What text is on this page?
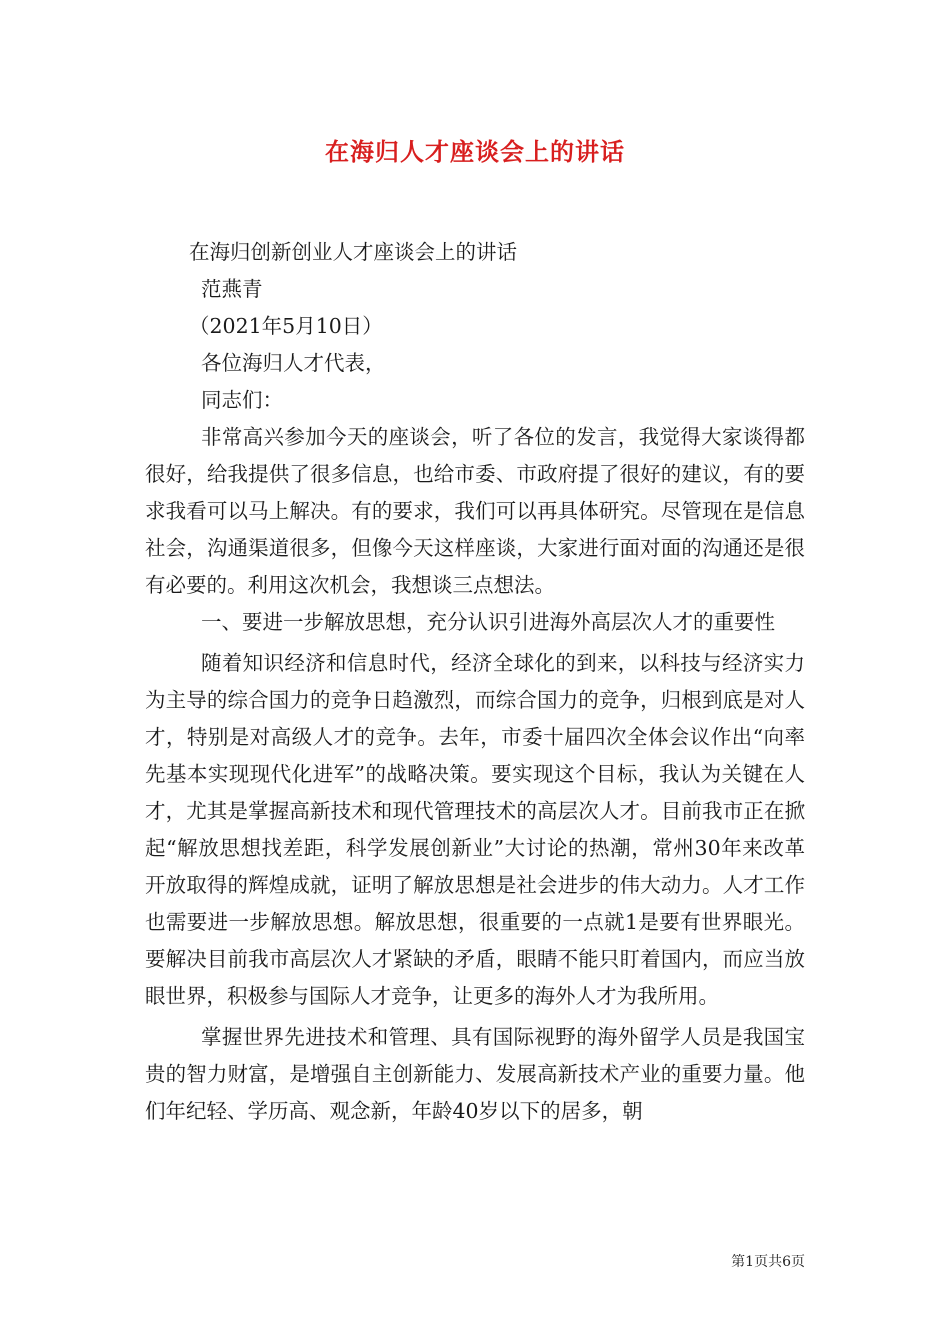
在海归人才座谈会上的讲话
在海归创新创业人才座谈会上的讲话
范燕青
（2021年5月10日）
各位海归人才代表，
同志们：
非常高兴参加今天的座谈会，听了各位的发言，我觉得大家谈得都很好，给我提供了很多信息，也给市委、市政府提了很好的建议，有的要求我看可以马上解决。有的要求，我们可以再具体研究。尽管现在是信息社会，沟通渠道很多，但像今天这样座谈，大家进行面对面的沟通还是很有必要的。利用这次机会，我想谈三点想法。
一、要进一步解放思想，充分认识引进海外高层次人才的重要性
随着知识经济和信息时代，经济全球化的到来，以科技与经济实力为主导的综合国力的竞争日趋激烈，而综合国力的竞争，归根到底是对人才，特别是对高级人才的竞争。去年，市委十届四次全体会议作出“向率先基本实现现代化进军”的战略决策。要实现这个目标，我认为关键在人才，尤其是掌握高新技术和现代管理技术的高层次人才。目前我市正在掀起“解放思想找差距，科学发展创新业”大讨论的热潮，常州30年来改革开放取得的辉煌成就，证明了解放思想是社会进步的伟大动力。人才工作也需要进一步解放思想。解放思想，很重要的一点就1是要有世界眼光。要解决目前我市高层次人才紧缺的矛盾，眼睛不能只盯着国内，而应当放眼世界，积极参与国际人才竞争，让更多的海外人才为我所用。
掌握世界先进技术和管理、具有国际视野的海外留学人员是我国宝贵的智力财富，是增强自主创新能力、发展高新技术产业的重要力量。他们年纪轻、学历高、观念新，年龄40岁以下的居多，朝
第1页共6页
